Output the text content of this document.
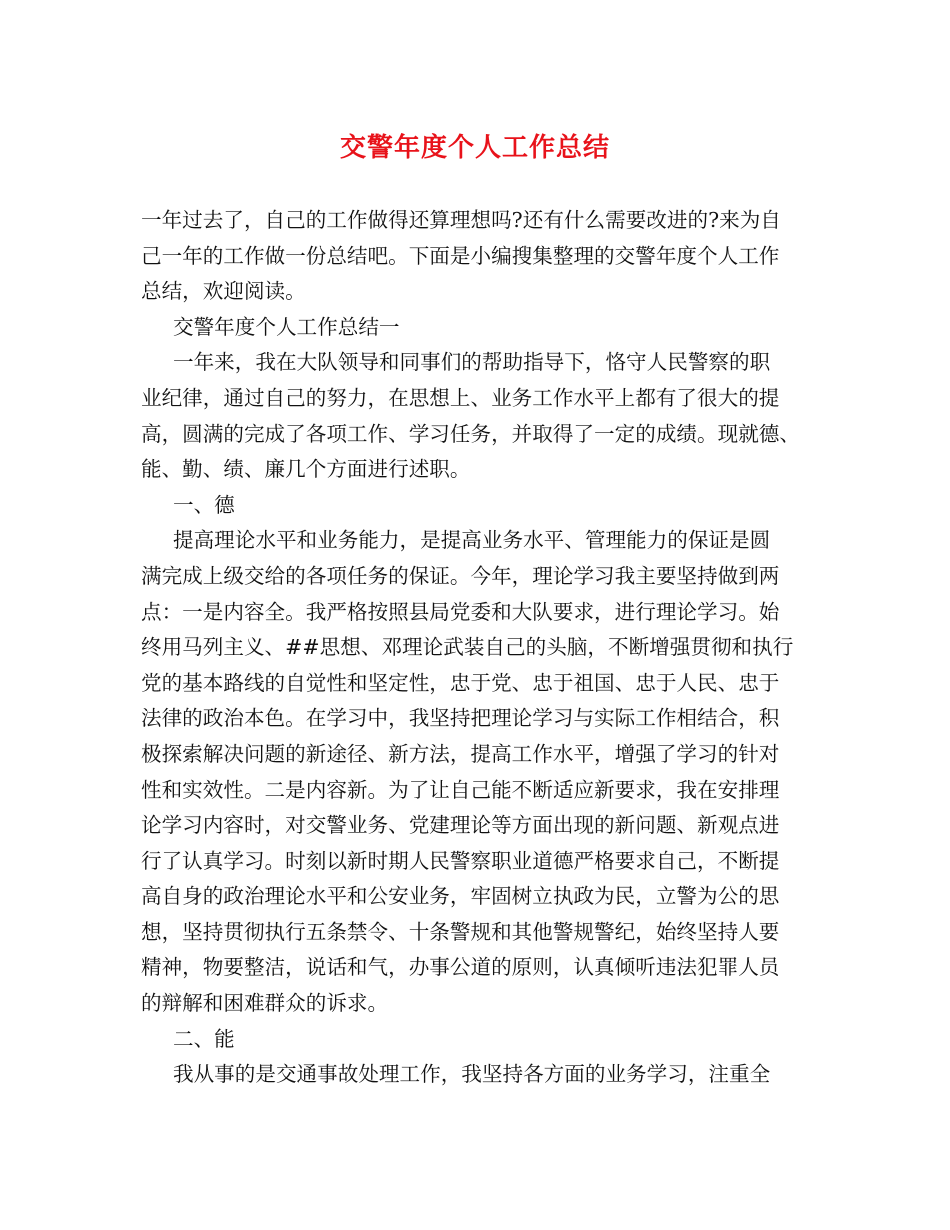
交警年度个人工作总结
一年过去了，自己的工作做得还算理想吗?还有什么需要改进的?来为自
己一年的工作做一份总结吧。下面是小编搜集整理的交警年度个人工作
总结，欢迎阅读。
交警年度个人工作总结一
一年来，我在大队领导和同事们的帮助指导下，恪守人民警察的职
业纪律，通过自己的努力，在思想上、业务工作水平上都有了很大的提
高，圆满的完成了各项工作、学习任务，并取得了一定的成绩。现就德、
能、勤、绩、廉几个方面进行述职。
一、德
提高理论水平和业务能力，是提高业务水平、管理能力的保证是圆
满完成上级交给的各项任务的保证。今年，理论学习我主要坚持做到两
点：一是内容全。我严格按照县局党委和大队要求，进行理论学习。始
终用马列主义、##思想、邓理论武装自己的头脑，不断增强贯彻和执行
党的基本路线的自觉性和坚定性，忠于党、忠于祖国、忠于人民、忠于
法律的政治本色。在学习中，我坚持把理论学习与实际工作相结合，积
极探索解决问题的新途径、新方法，提高工作水平，增强了学习的针对
性和实效性。二是内容新。为了让自己能不断适应新要求，我在安排理
论学习内容时，对交警业务、党建理论等方面出现的新问题、新观点进
行了认真学习。时刻以新时期人民警察职业道德严格要求自己，不断提
高自身的政治理论水平和公安业务，牢固树立执政为民，立警为公的思
想，坚持贯彻执行五条禁令、十条警规和其他警规警纪，始终坚持人要
精神，物要整洁，说话和气，办事公道的原则，认真倾听违法犯罪人员
的辩解和困难群众的诉求。
二、能
我从事的是交通事故处理工作，我坚持各方面的业务学习，注重全
